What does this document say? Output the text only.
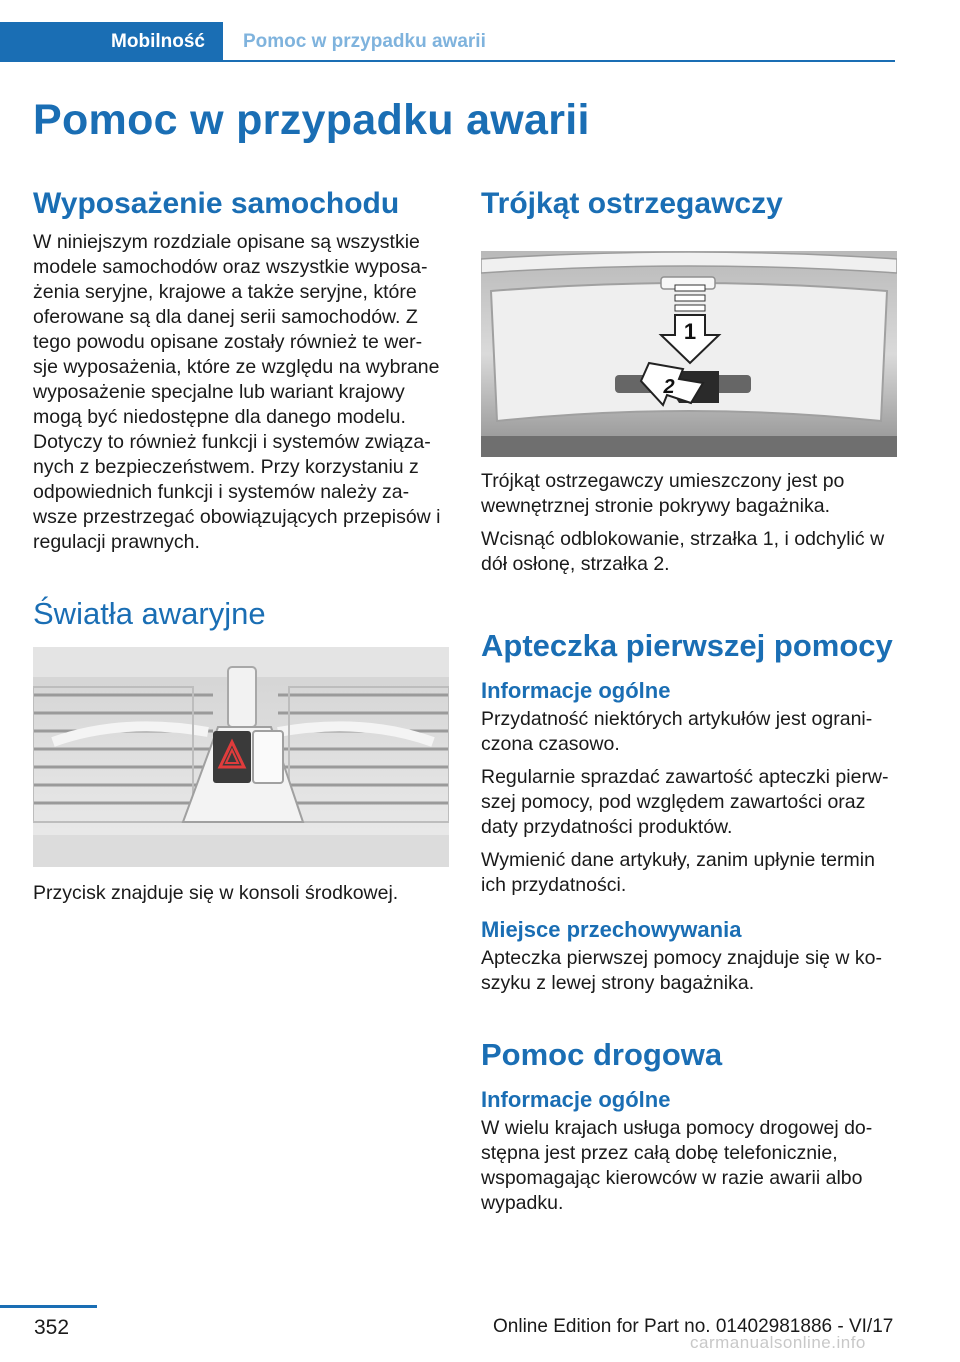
Mobilność	Pomoc w przypadku awarii
Pomoc w przypadku awarii
Wyposażenie samochodu

W niniejszym rozdziale opisane są wszystkie
modele samochodów oraz wszystkie wyposa‐
żenia seryjne, krajowe a także seryjne, które
oferowane są dla danej serii samochodów. Z
tego powodu opisane zostały również te wer‐
sje wyposażenia, które ze względu na wybrane
wyposażenie specjalne lub wariant krajowy
mogą być niedostępne dla danego modelu.
Dotyczy to również funkcji i systemów związa‐
nych z bezpieczeństwem. Przy korzystaniu z
odpowiednich funkcji i systemów należy za‐
wsze przestrzegać obowiązujących przepisów i
regulacji prawnych.

Światła awaryjne

Przycisk znajduje się w konsoli środkowej.

Trójkąt ostrzegawczy
1
2

Trójkąt ostrzegawczy umieszczony jest po
wewnętrznej stronie pokrywy bagażnika.

Wcisnąć odblokowanie, strzałka 1, i odchylić w
dół osłonę, strzałka 2.

Apteczka pierwszej pomocy
Informacje ogólne

Przydatność niektórych artykułów jest ograni‐
czona czasowo.

Regularnie sprazdać zawartość apteczki pierw‐
szej pomocy, pod względem zawartości oraz
daty przydatności produktów.

Wymienić dane artykuły, zanim upłynie termin
ich przydatności.

Miejsce przechowywania

Apteczka pierwszej pomocy znajduje się w ko‐
szyku z lewej strony bagażnika.

Pomoc drogowa
Informacje ogólne

W wielu krajach usługa pomocy drogowej do‐
stępna jest przez całą dobę telefonicznie,
wspomagając kierowców w razie awarii albo
wypadku.

352	Online Edition for Part no. 01402981886 - VI/17
carmanualsonline.info
